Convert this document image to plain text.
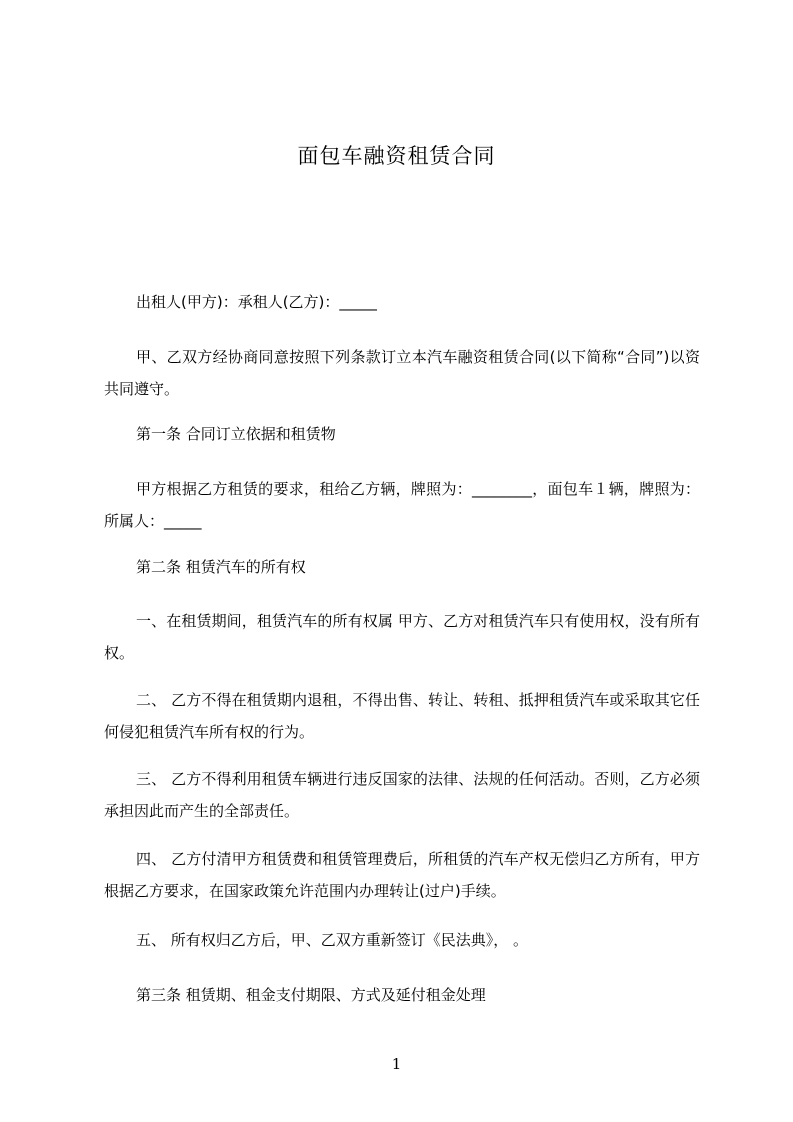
面包车融资租赁合同
出租人(甲方)：承租人(乙方)：_____
甲、乙双方经协商同意按照下列条款订立本汽车融资租赁合同(以下简称“合同”)以资共同遵守。
第一条 合同订立依据和租赁物
甲方根据乙方租赁的要求，租给乙方辆，牌照为：________，面包车１辆，牌照为：所属人：_____
第二条 租赁汽车的所有权
一、在租赁期间，租赁汽车的所有权属 甲方、乙方对租赁汽车只有使用权，没有所有权。
二、 乙方不得在租赁期内退租，不得出售、转让、转租、抵押租赁汽车或采取其它任何侵犯租赁汽车所有权的行为。
三、 乙方不得利用租赁车辆进行违反国家的法律、法规的任何活动。否则，乙方必须承担因此而产生的全部责任。
四、 乙方付清甲方租赁费和租赁管理费后，所租赁的汽车产权无偿归乙方所有，甲方根据乙方要求，在国家政策允许范围内办理转让(过户)手续。
五、 所有权归乙方后，甲、乙双方重新签订《民法典》， 。
第三条 租赁期、租金支付期限、方式及延付租金处理
1
